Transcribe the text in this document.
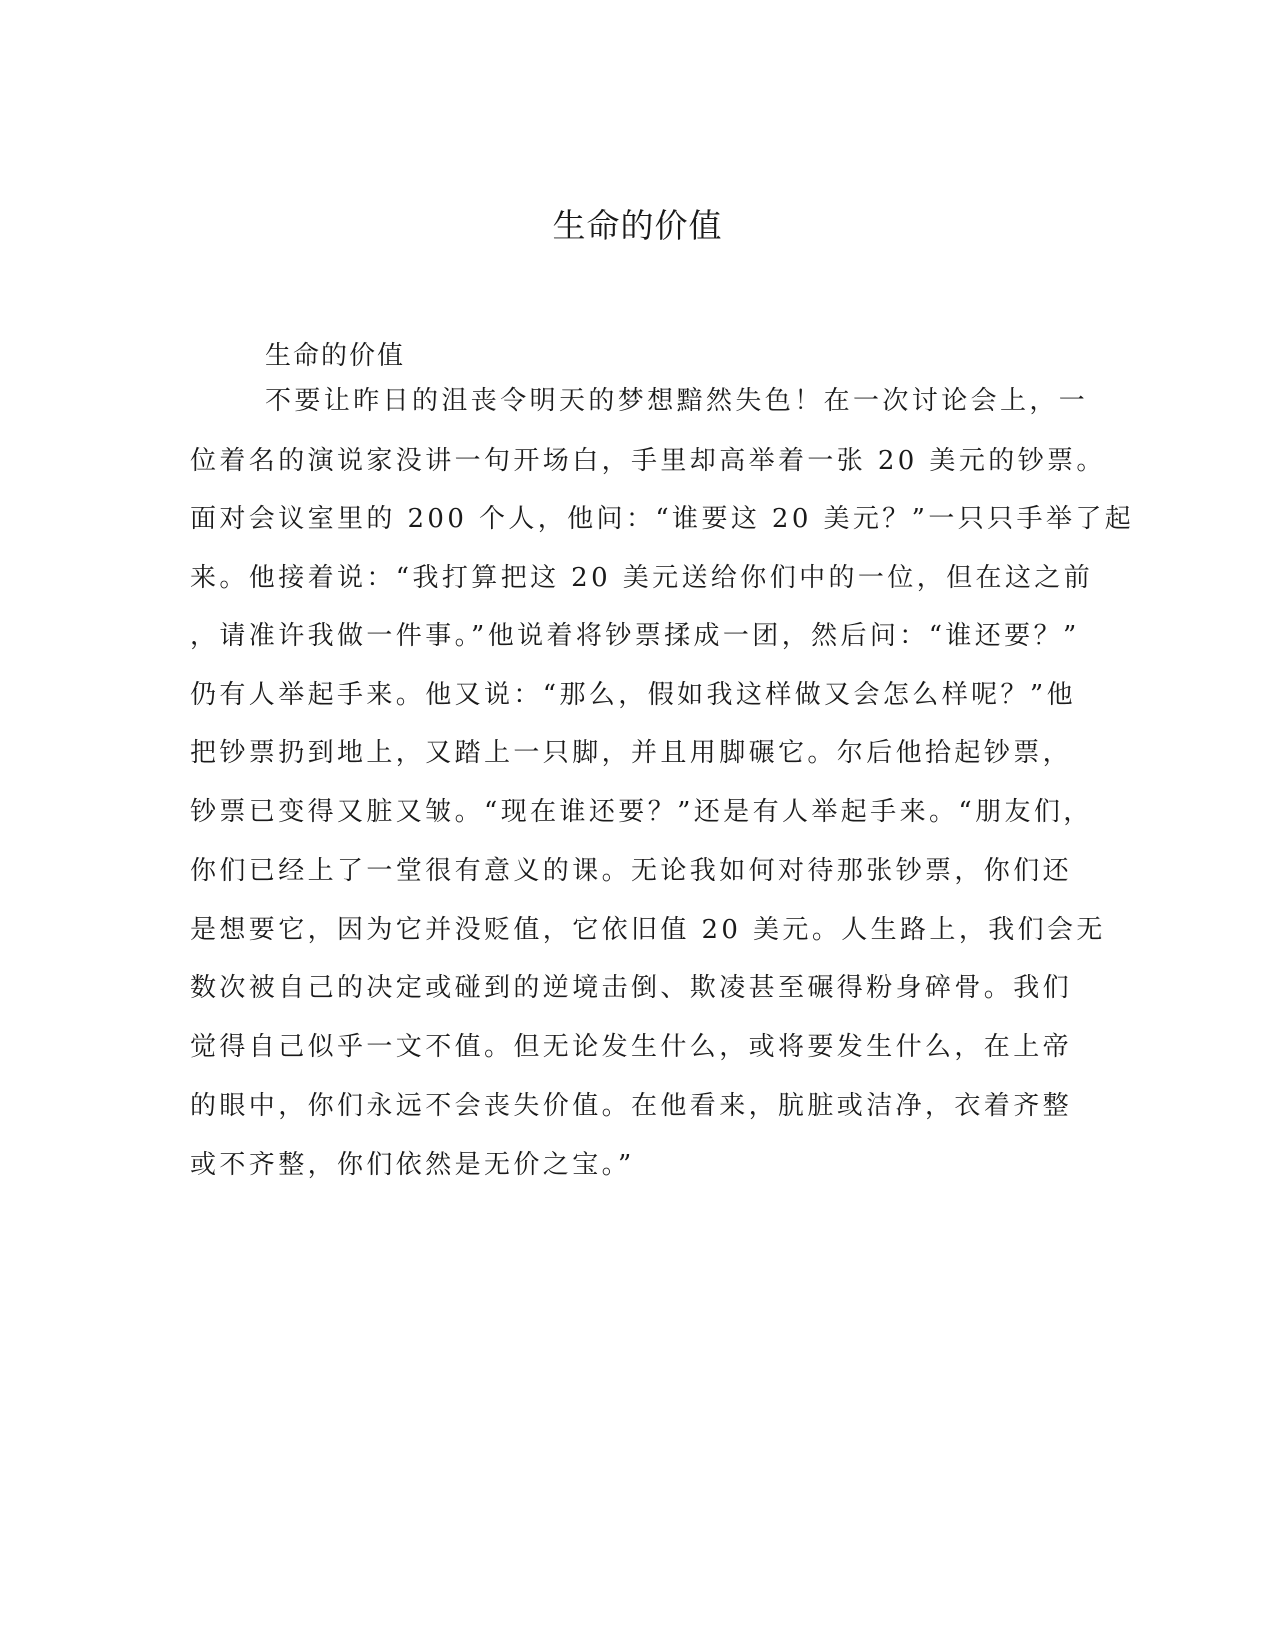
生命的价值

生命的价值

不要让昨日的沮丧令明天的梦想黯然失色！在一次讨论会上，一

位着名的演说家没讲一句开场白，手里却高举着一张 20 美元的钞票。

面对会议室里的 200 个人，他问：“谁要这 20 美元？”一只只手举了起

来。他接着说：“我打算把这 20 美元送给你们中的一位，但在这之前

，请准许我做一件事。”他说着将钞票揉成一团，然后问：“谁还要？”

仍有人举起手来。他又说：“那么，假如我这样做又会怎么样呢？”他

把钞票扔到地上，又踏上一只脚，并且用脚碾它。尔后他拾起钞票，

钞票已变得又脏又皱。“现在谁还要？”还是有人举起手来。“朋友们，

你们已经上了一堂很有意义的课。无论我如何对待那张钞票，你们还

是想要它，因为它并没贬值，它依旧值 20 美元。人生路上，我们会无

数次被自己的决定或碰到的逆境击倒、欺凌甚至碾得粉身碎骨。我们

觉得自己似乎一文不值。但无论发生什么，或将要发生什么，在上帝

的眼中，你们永远不会丧失价值。在他看来，肮脏或洁净，衣着齐整

或不齐整，你们依然是无价之宝。”
